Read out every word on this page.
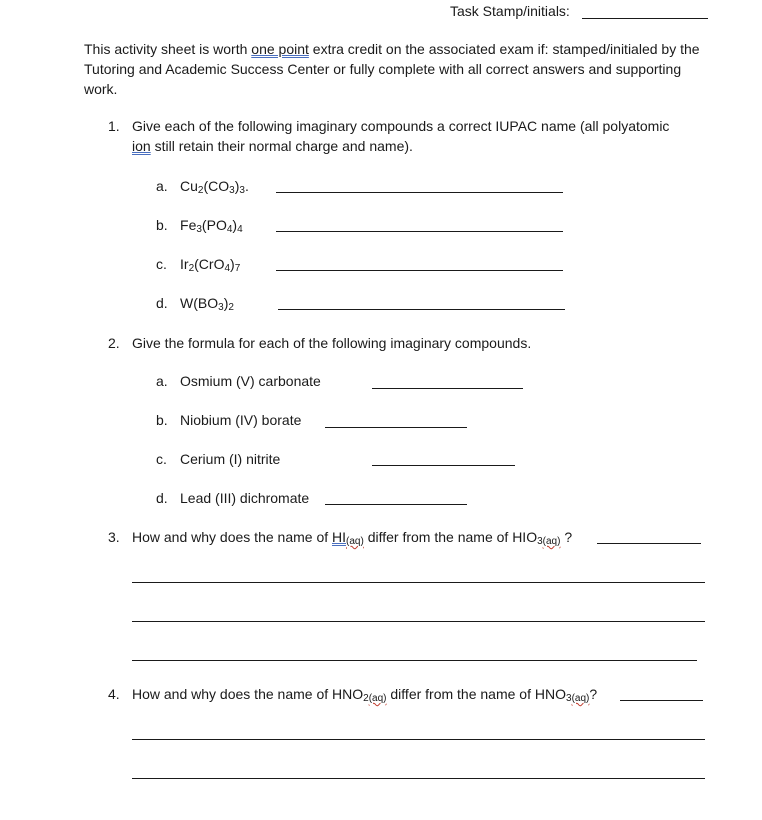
Task Stamp/initials:
This activity sheet is worth one point extra credit on the associated exam if: stamped/initialed by the Tutoring and Academic Success Center or fully complete with all correct answers and supporting work.
1. Give each of the following imaginary compounds a correct IUPAC name (all polyatomic
ion still retain their normal charge and name).
a. $Cu_2(CO_3)_3$.
b. $Fe_3(PO_4)_4$
c. $Ir_2(CrO_4)_7$
d. $W(BO_3)_2$
2. Give the formula for each of the following imaginary compounds.
a. Osmium (V) carbonate
b. Niobium (IV) borate
c. Cerium (I) nitrite
d. Lead (III) dichromate
3. How and why does the name of $HI_{(aq)}$ differ from the name of $HIO_{3(aq)}$ ?
4. How and why does the name of $HNO_{2(aq)}$ differ from the name of $HNO_{3(aq)}$?
